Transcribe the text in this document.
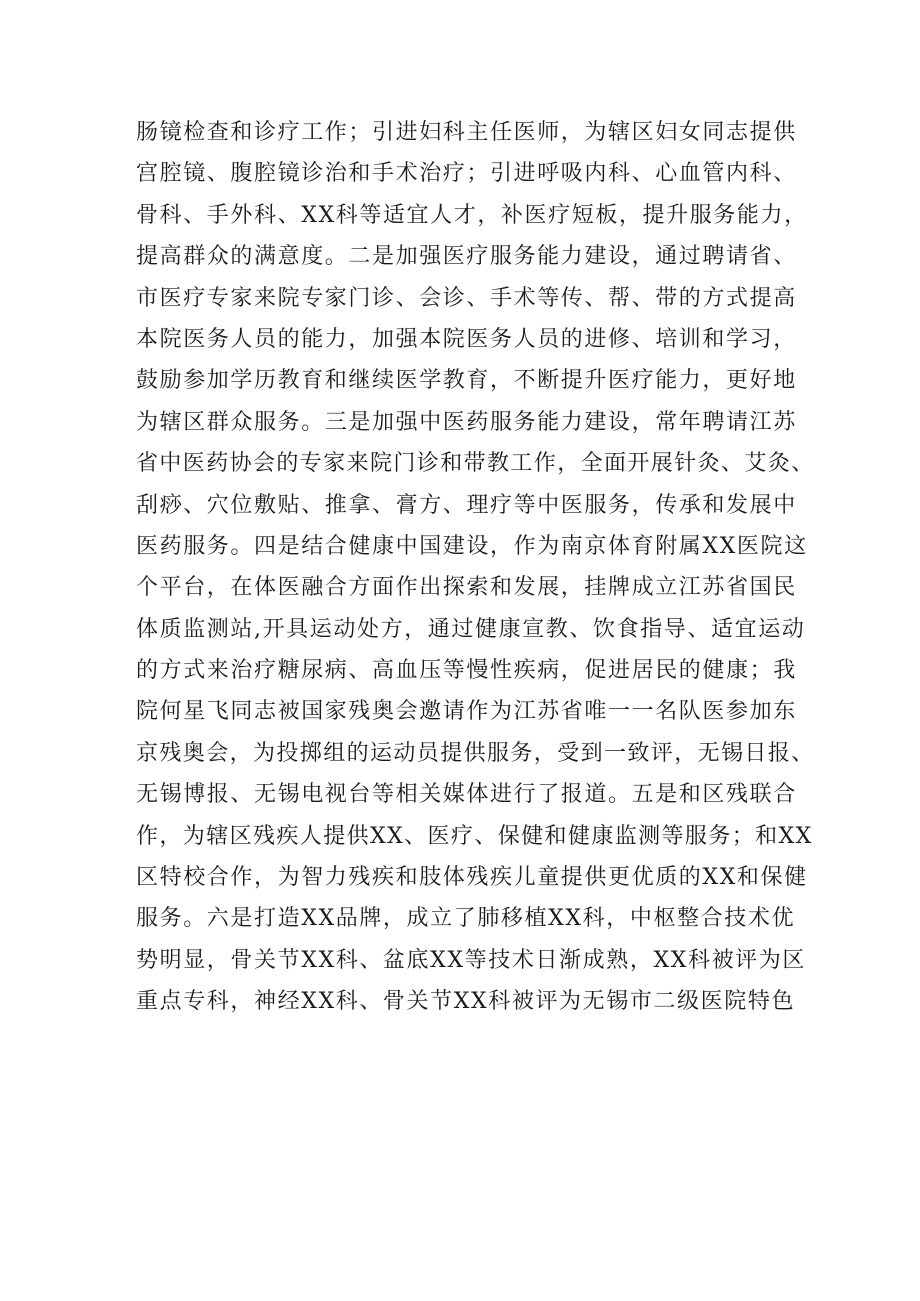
肠镜检查和诊疗工作；引进妇科主任医师，为辖区妇女同志提供
宫腔镜、腹腔镜诊治和手术治疗；引进呼吸内科、心血管内科、
骨科、手外科、XX科等适宜人才，补医疗短板，提升服务能力，
提高群众的满意度。二是加强医疗服务能力建设，通过聘请省、
市医疗专家来院专家门诊、会诊、手术等传、帮、带的方式提高
本院医务人员的能力，加强本院医务人员的进修、培训和学习，
鼓励参加学历教育和继续医学教育，不断提升医疗能力，更好地
为辖区群众服务。三是加强中医药服务能力建设，常年聘请江苏
省中医药协会的专家来院门诊和带教工作，全面开展针灸、艾灸、
刮痧、穴位敷贴、推拿、膏方、理疗等中医服务，传承和发展中
医药服务。四是结合健康中国建设，作为南京体育附属XX医院这
个平台，在体医融合方面作出探索和发展，挂牌成立江苏省国民
体质监测站,开具运动处方，通过健康宣教、饮食指导、适宜运动
的方式来治疗糖尿病、高血压等慢性疾病，促进居民的健康；我
院何星飞同志被国家残奥会邀请作为江苏省唯一一名队医参加东
京残奥会，为投掷组的运动员提供服务，受到一致评，无锡日报、
无锡博报、无锡电视台等相关媒体进行了报道。五是和区残联合
作，为辖区残疾人提供XX、医疗、保健和健康监测等服务；和XX
区特校合作，为智力残疾和肢体残疾儿童提供更优质的XX和保健
服务。六是打造XX品牌，成立了肺移植XX科，中枢整合技术优
势明显，骨关节XX科、盆底XX等技术日渐成熟，XX科被评为区
重点专科，神经XX科、骨关节XX科被评为无锡市二级医院特色
